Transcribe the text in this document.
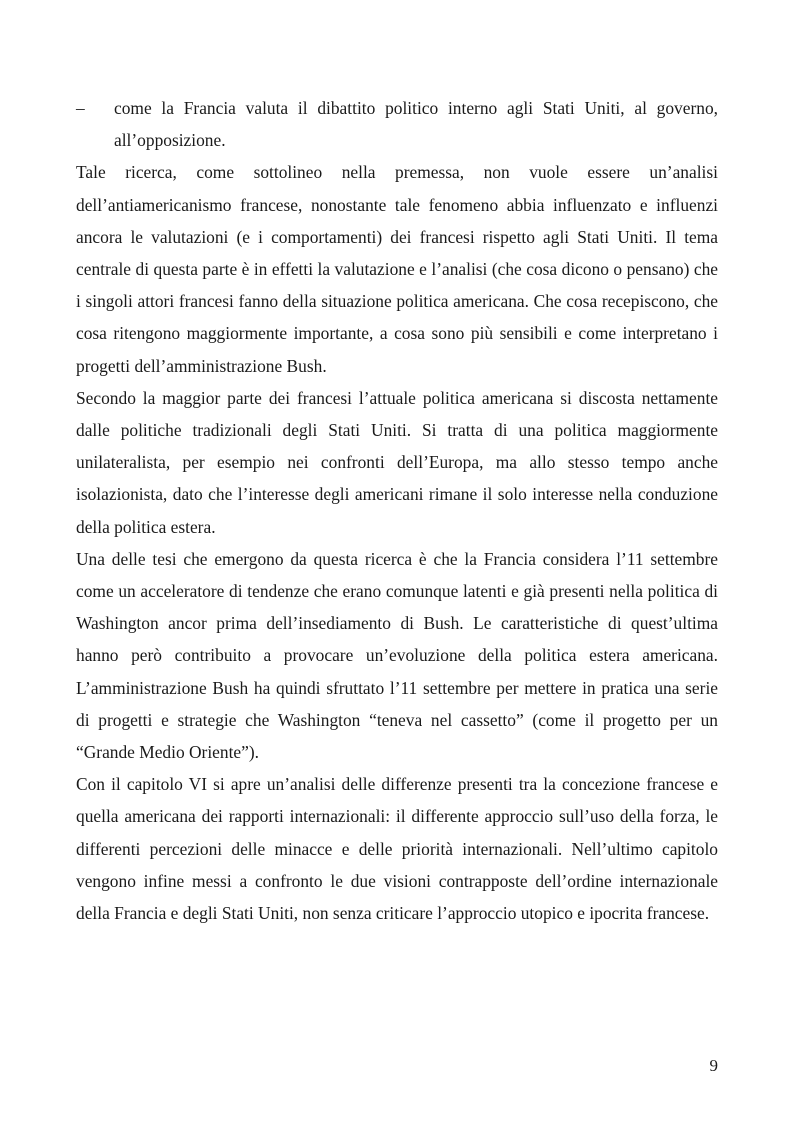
–	come la Francia valuta il dibattito politico interno agli Stati Uniti, al governo, all’opposizione.

Tale ricerca, come sottolineo nella premessa, non vuole essere un’analisi dell’antiamericanismo francese, nonostante tale fenomeno abbia influenzato e influenzi ancora le valutazioni (e i comportamenti) dei francesi rispetto agli Stati Uniti. Il tema centrale di questa parte è in effetti la valutazione e l’analisi (che cosa dicono o pensano) che i singoli attori francesi fanno della situazione politica americana. Che cosa recepiscono, che cosa ritengono maggiormente importante, a cosa sono più sensibili e come interpretano i progetti dell’amministrazione Bush.

Secondo la maggior parte dei francesi l’attuale politica americana si discosta nettamente dalle politiche tradizionali degli Stati Uniti. Si tratta di una politica maggiormente unilateralista, per esempio nei confronti dell’Europa, ma allo stesso tempo anche isolazionista, dato che l’interesse degli americani rimane il solo interesse nella conduzione della politica estera.

Una delle tesi che emergono da questa ricerca è che la Francia considera l’11 settembre come un acceleratore di tendenze che erano comunque latenti e già presenti nella politica di Washington ancor prima dell’insediamento di Bush. Le caratteristiche di quest’ultima hanno però contribuito a provocare un’evoluzione della politica estera americana. L’amministrazione Bush ha quindi sfruttato l’11 settembre per mettere in pratica una serie di progetti e strategie che Washington “teneva nel cassetto” (come il progetto per un “Grande Medio Oriente”).

Con il capitolo VI si apre un’analisi delle differenze presenti tra la concezione francese e quella americana dei rapporti internazionali: il differente approccio sull’uso della forza, le differenti percezioni delle minacce e delle priorità internazionali. Nell’ultimo capitolo vengono infine messi a confronto le due visioni contrapposte dell’ordine internazionale della Francia e degli Stati Uniti, non senza criticare l’approccio utopico e ipocrita francese.

9
